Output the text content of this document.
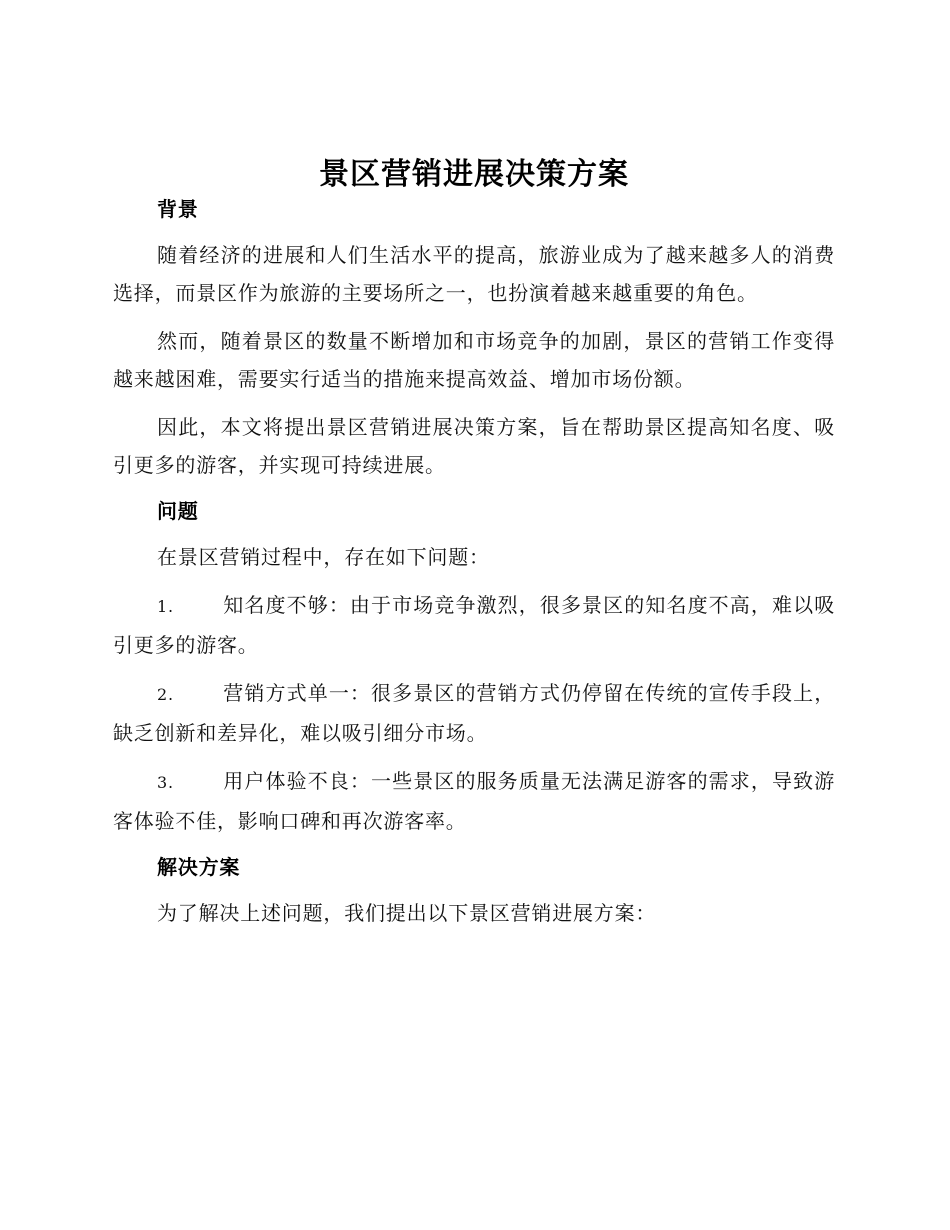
景区营销进展决策方案
背景

随着经济的进展和人们生活水平的提高，旅游业成为了越来越多人的消费选择，而景区作为旅游的主要场所之一，也扮演着越来越重要的角色。

然而，随着景区的数量不断增加和市场竞争的加剧，景区的营销工作变得越来越困难，需要实行适当的措施来提高效益、增加市场份额。

因此，本文将提出景区营销进展决策方案，旨在帮助景区提高知名度、吸引更多的游客，并实现可持续进展。

问题

在景区营销过程中，存在如下问题：

1. 知名度不够：由于市场竞争激烈，很多景区的知名度不高，难以吸引更多的游客。

2. 营销方式单一：很多景区的营销方式仍停留在传统的宣传手段上，缺乏创新和差异化，难以吸引细分市场。

3. 用户体验不良：一些景区的服务质量无法满足游客的需求，导致游客体验不佳，影响口碑和再次游客率。

解决方案

为了解决上述问题，我们提出以下景区营销进展方案：
